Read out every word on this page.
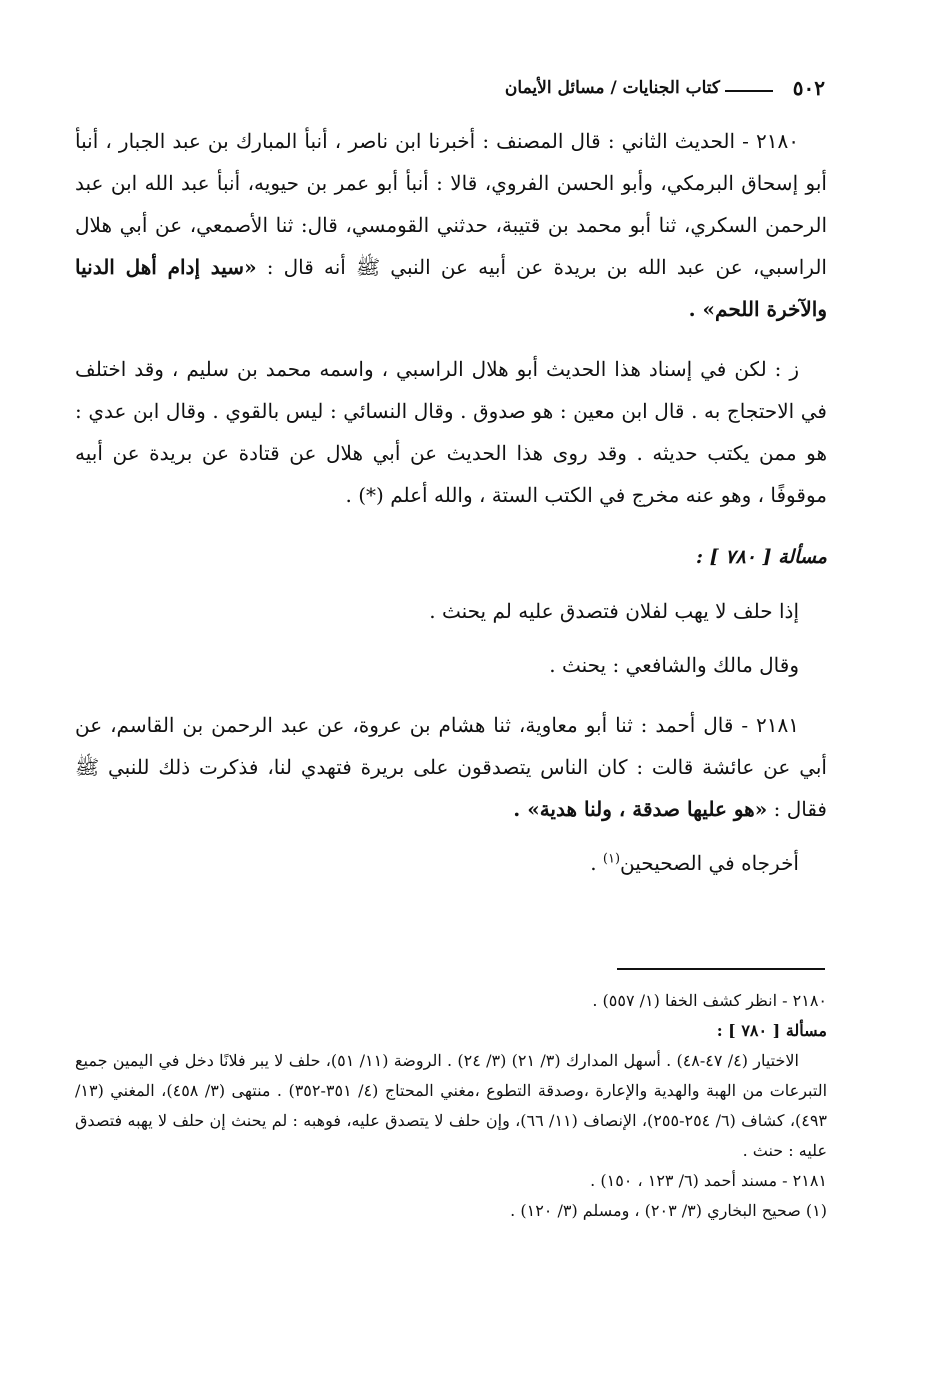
٥٠٢
كتاب الجنايات / مسائل الأيمان

٢١٨٠ - الحديث الثاني : قال المصنف : أخبرنا ابن ناصر ، أنبأ المبارك بن عبد الجبار ، أنبأ أبو إسحاق البرمكي، وأبو الحسن الفروي، قالا : أنبأ أبو عمر بن حيويه، أنبأ عبد الله ابن عبد الرحمن السكري، ثنا أبو محمد بن قتيبة، حدثني القومسي، قال: ثنا الأصمعي، عن أبي هلال الراسبي، عن عبد الله بن بريدة عن أبيه عن النبي ﷺ أنه قال : «سيد إدام أهل الدنيا والآخرة اللحم» .

ز : لكن في إسناد هذا الحديث أبو هلال الراسبي ، واسمه محمد بن سليم ، وقد اختلف في الاحتجاج به . قال ابن معين : هو صدوق . وقال النسائي : ليس بالقوي . وقال ابن عدي : هو ممن يكتب حديثه . وقد روى هذا الحديث عن أبي هلال عن قتادة عن بريدة عن أبيه موقوفًا ، وهو عنه مخرج في الكتب الستة ، والله أعلم (*) .

مسألة [ ٧٨٠ ] :

إذا حلف لا يهب لفلان فتصدق عليه لم يحنث .

وقال مالك والشافعي : يحنث .

٢١٨١ - قال أحمد : ثنا أبو معاوية، ثنا هشام بن عروة، عن عبد الرحمن بن القاسم، عن أبي عن عائشة قالت : كان الناس يتصدقون على بريرة فتهدي لنا، فذكرت ذلك للنبي ﷺ فقال : «هو عليها صدقة ، ولنا هدية» .

أخرجاه في الصحيحين$^{(١)}$ .

٢١٨٠ - انظر كشف الخفا (١/ ٥٥٧) .

مسألة [ ٧٨٠ ] :

الاختيار (٤/ ٤٧-٤٨) . أسهل المدارك (٣/ ٢١) (٣/ ٢٤) . الروضة (١١/ ٥١)، حلف لا يبر فلانًا دخل في اليمين جميع التبرعات من الهبة والهدية والإعارة ،وصدقة التطوع ،مغني المحتاج (٤/ ٣٥١-٣٥٢) . منتهى (٣/ ٤٥٨)، المغني (١٣/ ٤٩٣)، كشاف (٦/ ٢٥٤-٢٥٥)، الإنصاف (١١/ ٦٦)، وإن حلف لا يتصدق عليه، فوهبه : لم يحنث إن حلف لا يهبه فتصدق عليه : حنث .

٢١٨١ - مسند أحمد (٦/ ١٢٣ ، ١٥٠) .

(١) صحيح البخاري (٣/ ٢٠٣) ، ومسلم (٣/ ١٢٠) .
